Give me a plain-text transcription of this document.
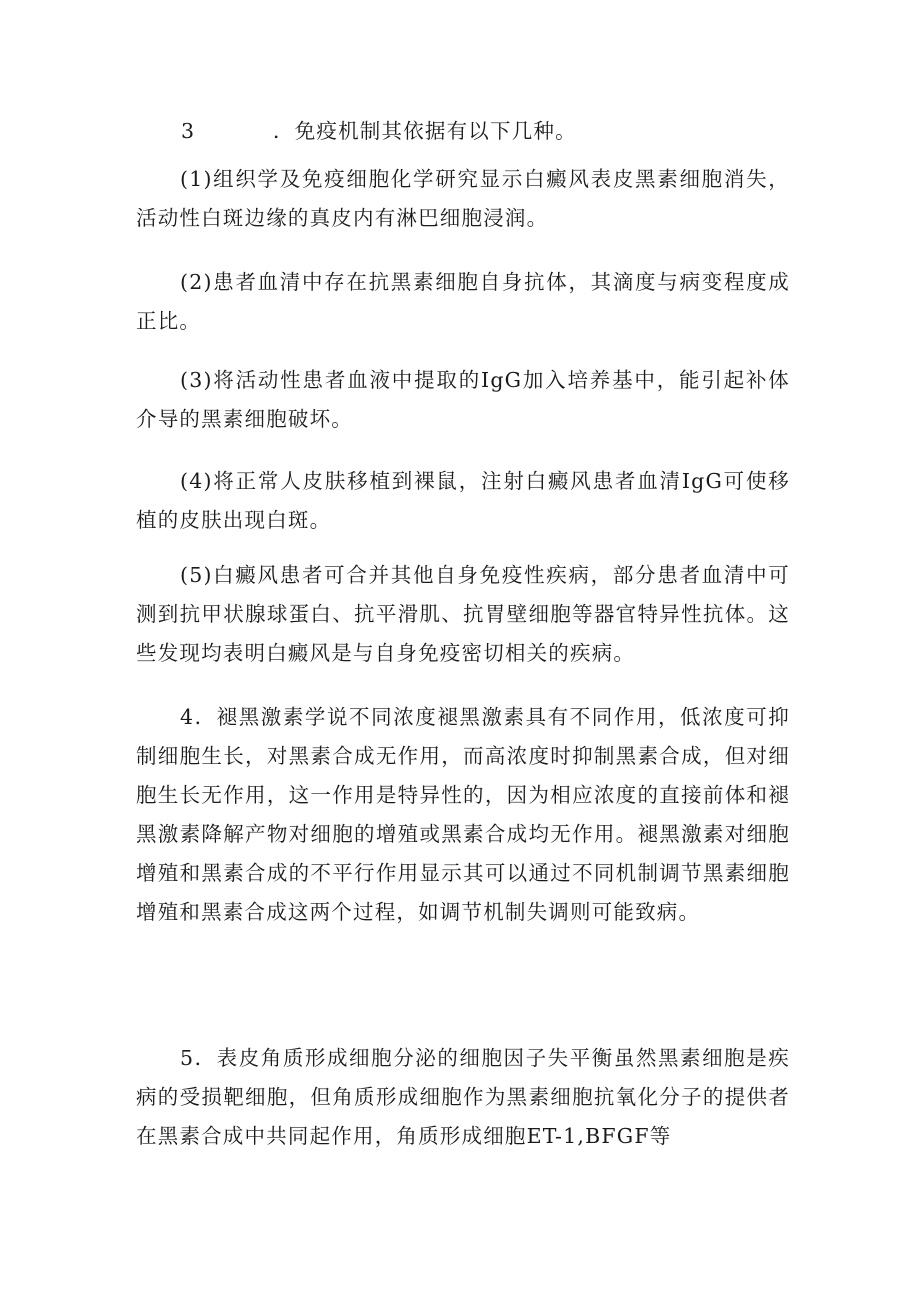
3	．免疫机制其依据有以下几种。

(1)组织学及免疫细胞化学研究显示白癜风表皮黑素细胞消失，活动性白斑边缘的真皮内有淋巴细胞浸润。

(2)患者血清中存在抗黑素细胞自身抗体，其滴度与病变程度成正比。

(3)将活动性患者血液中提取的IgG加入培养基中，能引起补体介导的黑素细胞破坏。

(4)将正常人皮肤移植到裸鼠，注射白癜风患者血清IgG可使移植的皮肤出现白斑。

(5)白癜风患者可合并其他自身免疫性疾病，部分患者血清中可测到抗甲状腺球蛋白、抗平滑肌、抗胃壁细胞等器官特异性抗体。这些发现均表明白癜风是与自身免疫密切相关的疾病。

4．褪黑激素学说不同浓度褪黑激素具有不同作用，低浓度可抑制细胞生长，对黑素合成无作用，而高浓度时抑制黑素合成，但对细胞生长无作用，这一作用是特异性的，因为相应浓度的直接前体和褪黑激素降解产物对细胞的增殖或黑素合成均无作用。褪黑激素对细胞增殖和黑素合成的不平行作用显示其可以通过不同机制调节黑素细胞增殖和黑素合成这两个过程，如调节机制失调则可能致病。

5．表皮角质形成细胞分泌的细胞因子失平衡虽然黑素细胞是疾病的受损靶细胞，但角质形成细胞作为黑素细胞抗氧化分子的提供者在黑素合成中共同起作用，角质形成细胞ET-1,BFGF等
